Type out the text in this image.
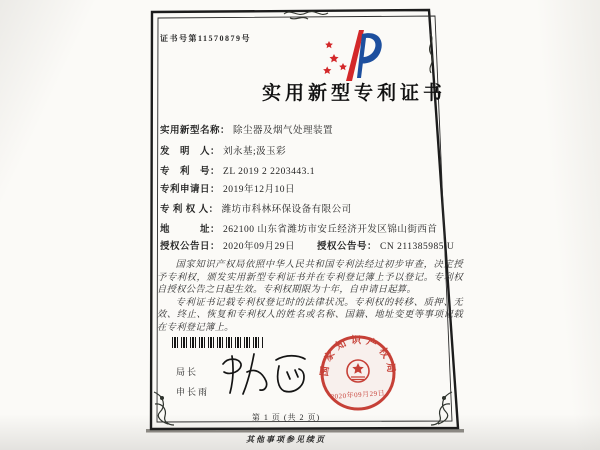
证书号第11570879号
实用新型专利证书
实用新型名称： 除尘器及烟气处理装置
发　明　人： 刘永基;汲玉彩
专　利　号： ZL 2019 2 2203443.1
专利申请日： 2019年12月10日
专 利 权 人： 潍坊市科林环保设备有限公司
地　　　址： 262100 山东省潍坊市安丘经济开发区锦山街西首
授权公告日： 2020年09月29日 授权公告号： CN 211385985 U

国家知识产权局依照中华人民共和国专利法经过初步审查，决定授予专利权，颁发实用新型专利证书并在专利登记簿上予以登记。专利权自授权公告之日起生效。专利权期限为十年，自申请日起算。

专利证书记载专利权登记时的法律状况。专利权的转移、质押、无效、终止、恢复和专利权人的姓名或名称、国籍、地址变更等事项记载在专利登记簿上。

局长
申长雨
国家知识产权局
2020年09月29日
第 1 页 (共 2 页)
其他事项参见续页
